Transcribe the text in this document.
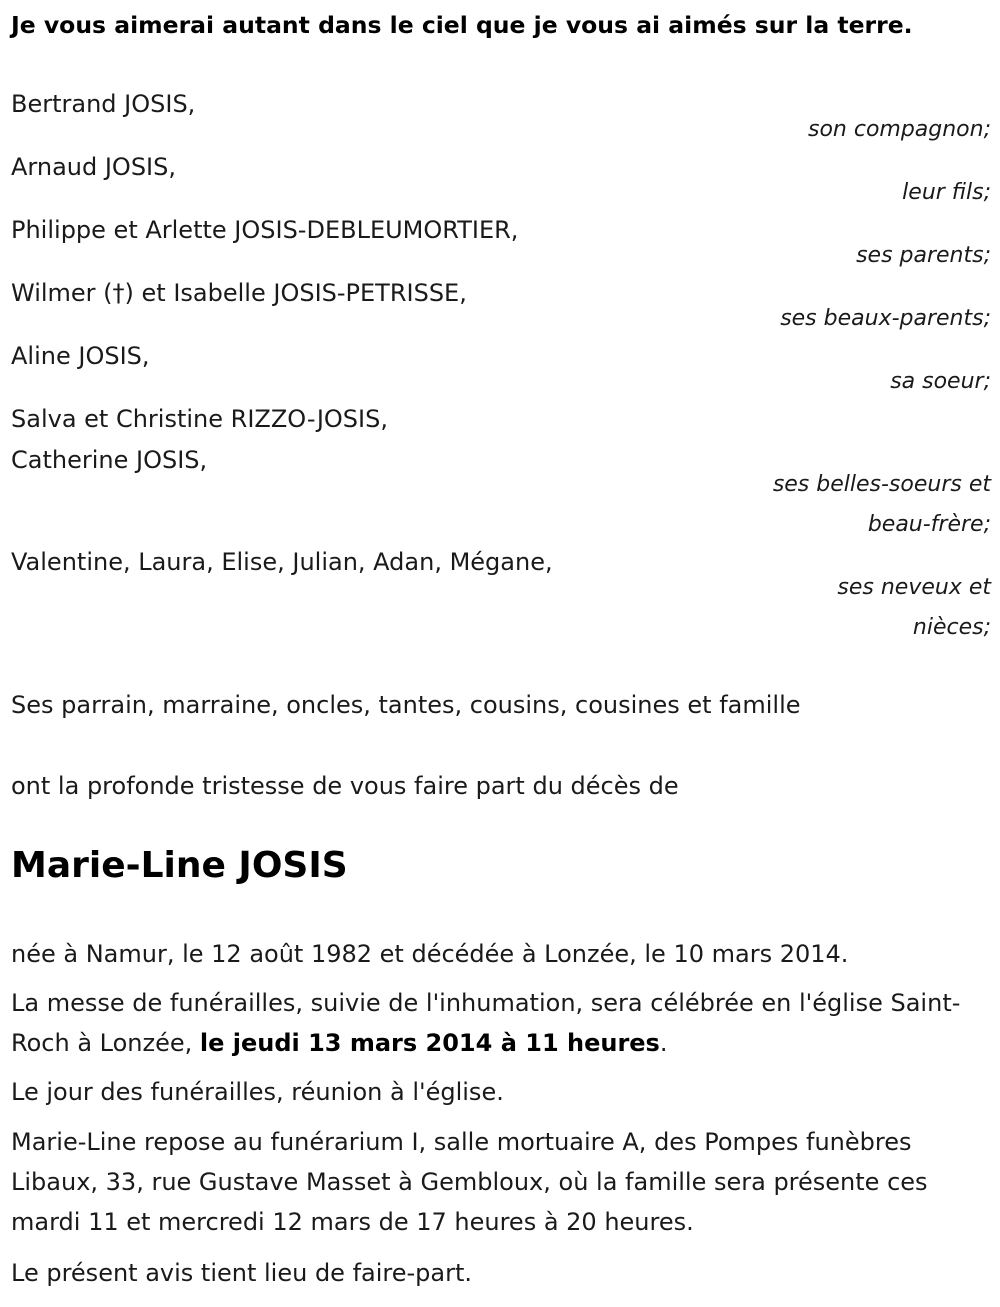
Je vous aimerai autant dans le ciel que je vous ai aimés sur la terre.
Bertrand JOSIS,
son compagnon;
Arnaud JOSIS,
leur fils;
Philippe et Arlette JOSIS-DEBLEUMORTIER,
ses parents;
Wilmer (†) et Isabelle JOSIS-PETRISSE,
ses beaux-parents;
Aline JOSIS,
sa soeur;
Salva et Christine RIZZO-JOSIS,
Catherine JOSIS,
ses belles-soeurs et
beau-frère;
Valentine, Laura, Elise, Julian, Adan, Mégane,
ses neveux et
nièces;
Ses parrain, marraine, oncles, tantes, cousins, cousines et famille
ont la profonde tristesse de vous faire part du décès de
Marie-Line JOSIS
née à Namur, le 12 août 1982 et décédée à Lonzée, le 10 mars 2014.
La messe de funérailles, suivie de l'inhumation, sera célébrée en l'église Saint-Roch à Lonzée, le jeudi 13 mars 2014 à 11 heures.
Le jour des funérailles, réunion à l'église.
Marie-Line repose au funérarium I, salle mortuaire A, des Pompes funèbres Libaux, 33, rue Gustave Masset à Gembloux, où la famille sera présente ces mardi 11 et mercredi 12 mars de 17 heures à 20 heures.
Le présent avis tient lieu de faire-part.
